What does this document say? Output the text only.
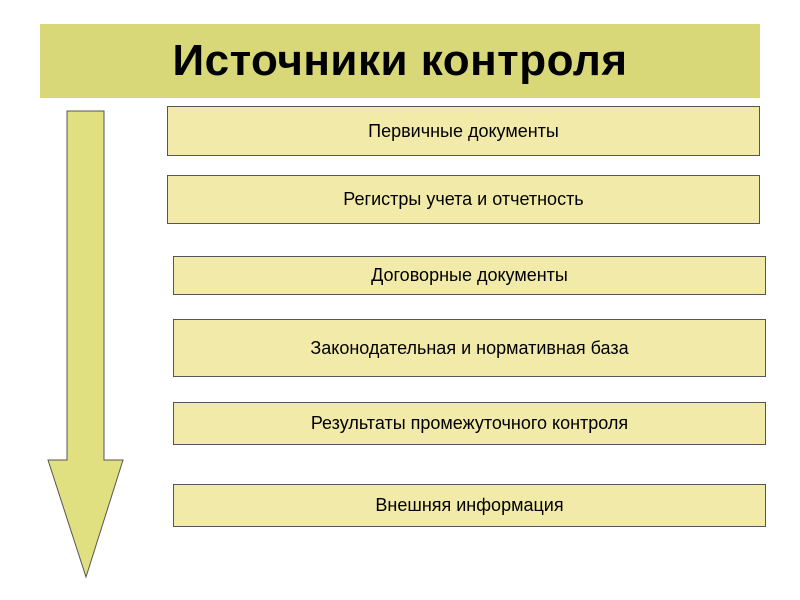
Источники контроля
Первичные документы
Регистры учета и отчетность
Договорные документы
Законодательная и нормативная база
Результаты промежуточного контроля
Внешняя информация
